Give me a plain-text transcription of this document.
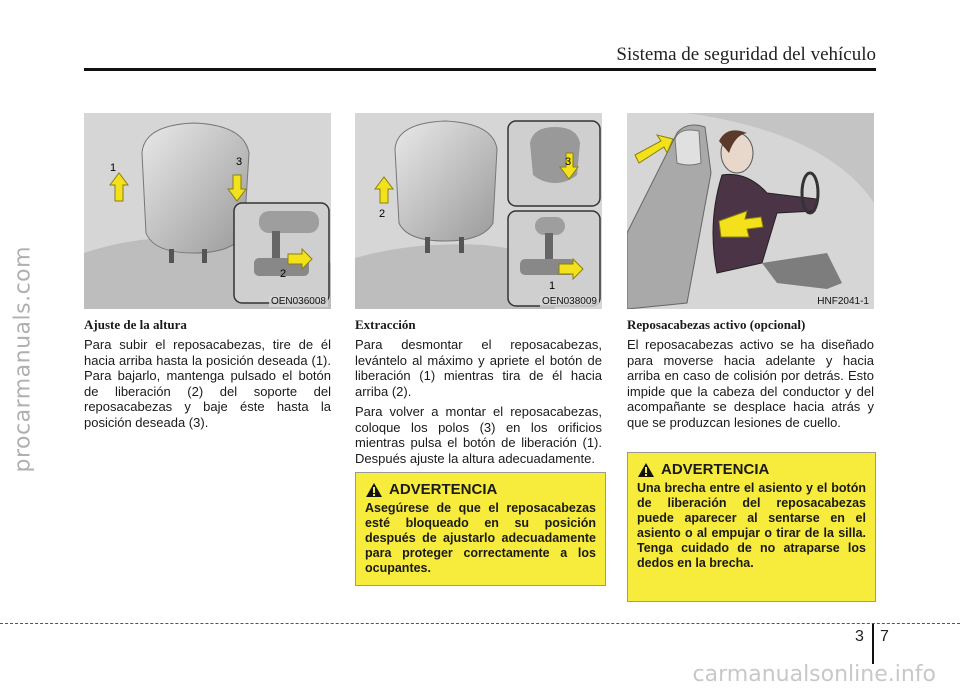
Sistema de seguridad del vehículo
procarmanuals.com
1	3
2
OEN036008
2
3
1
OEN038009	HNF2041-1
Ajuste de la altura

Para subir el reposacabezas, tire de él hacia arriba hasta la posición deseada (1). Para bajarlo, mantenga pulsado el botón de liberación (2) del soporte del reposacabezas y baje éste hasta la posición deseada (3).

Extracción

Para desmontar el reposacabezas, levántelo al máximo y apriete el botón de liberación (1) mientras tira de él hacia arriba (2).

Para volver a montar el reposacabezas, coloque los polos (3) en los orificios mientras pulsa el botón de liberación (1). Después ajuste la altura adecuadamente.

Reposacabezas activo (opcional)

El reposacabezas activo se ha diseñado para moverse hacia adelante y hacia arriba en caso de colisión por detrás. Esto impide que la cabeza del conductor y del acompañante se desplace hacia atrás y que se produzcan lesiones de cuello.

ADVERTENCIA
Asegúrese de que el reposacabezas esté bloqueado en su posición después de ajustarlo adecuadamente para proteger correctamente a los ocupantes.
ADVERTENCIA
Una brecha entre el asiento y el botón de liberación del reposacabezas puede aparecer al sentarse en el asiento o al empujar o tirar de la silla. Tenga cuidado de no atraparse los dedos en la brecha.
3 7
carmanualsonline.info
